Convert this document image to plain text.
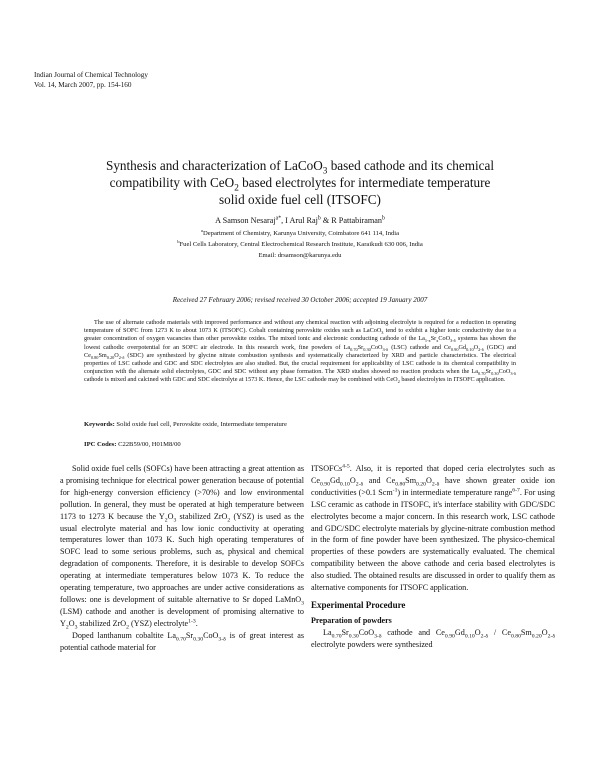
Indian Journal of Chemical Technology
Vol. 14, March 2007, pp. 154-160
Synthesis and characterization of LaCoO$_3$ based cathode and its chemical
compatibility with CeO$_2$ based electrolytes for intermediate temperature
solid oxide fuel cell (ITSOFC)
A Samson Nesaraj$^{a*}$, I Arul Raj$^b$ & R Pattabiraman$^b$
$^a$Department of Chemistry, Karunya University, Coimbatore 641 114, India
$^b$Fuel Cells Laboratory, Central Electrochemical Research Institute, Karaikudi 630 006, India
Email: drsamson@karunya.edu
Received 27 February 2006; revised received 30 October 2006; accepted 19 January 2007
The use of alternate cathode materials with improved performance and without any chemical reaction with adjoining electrolyte is required for a reduction in operating temperature of SOFC from 1273 K to about 1073 K (ITSOFC). Cobalt containing perovskite oxides such as LaCoO$_3$ tend to exhibit a higher ionic conductivity due to a greater concentration of oxygen vacancies than other perovskite oxides. The mixed ionic and electronic conducting cathode of the $La_{1-x}Sr_xCoO_{3-\delta}$ systems has shown the lowest cathodic overpotential for an SOFC air electrode. In this research work, fine powders of $La_{0.70}Sr_{0.30}CoO_{3-\delta}$ (LSC) cathode and $Ce_{0.90}Gd_{0.10}O_{2-\delta}$ (GDC) and $Ce_{0.80}Sm_{0.20}O_{2-\delta}$ (SDC) are synthesized by glycine nitrate combustion synthesis and systematically characterized by XRD and particle characteristics. The electrical properties of LSC cathode and GDC and SDC electrolytes are also studied. But, the crucial requirement for applicability of LSC cathode is its chemical compatibility in conjunction with the alternate solid electrolytes, GDC and SDC without any phase formation. The XRD studies showed no reaction products when the $La_{0.70}Sr_{0.30}CoO_{3-\delta}$ cathode is mixed and calcined with GDC and SDC electrolyte at 1573 K. Hence, the LSC cathode may be combined with CeO$_2$ based electrolytes in ITSOFC application.
Keywords: Solid oxide fuel cell, Perovskite oxide, Intermediate temperature
IPC Codes: C22B59/00, H01M8/00

Solid oxide fuel cells (SOFCs) have been attracting a great attention as a promising technique for electrical power generation because of potential for high-energy conversion efficiency (>70%) and low environmental pollution. In general, they must be operated at high temperature between 1173 to 1273 K because the $Y_2O_3$ stabilized ZrO$_2$ (YSZ) is used as the usual electrolyte material and has low ionic conductivity at operating temperatures lower than 1073 K. Such high operating temperatures of SOFC lead to some serious problems, such as, physical and chemical degradation of components. Therefore, it is desirable to develop SOFCs operating at intermediate temperatures below 1073 K. To reduce the operating temperature, two approaches are under active considerations as follows: one is development of suitable alternative to Sr doped LaMnO$_3$ (LSM) cathode and another is development of promising alternative to $Y_2O_3$ stabilized ZrO$_2$ (YSZ) electrolyte$^{1-3}$.

Doped lanthanum cobaltite $La_{0.70}Sr_{0.30}CoO_{3-\delta}$ is of great interest as potential cathode material for

ITSOFCs$^{4-5}$. Also, it is reported that doped ceria electrolytes such as $Ce_{0.90}Gd_{0.10}O_{2-\delta}$ and $Ce_{0.80}Sm_{0.20}O_{2-\delta}$ have shown greater oxide ion conductivities (>0.1 Scm$^{-1}$) in intermediate temperature range$^{6-7}$. For using LSC ceramic as cathode in ITSOFC, it's interface stability with GDC/SDC electrolytes become a major concern. In this research work, LSC cathode and GDC/SDC electrolyte materials by glycine-nitrate combustion method in the form of fine powder have been synthesized. The physico-chemical properties of these powders are systematically evaluated. The chemical compatibility between the above cathode and ceria based electrolytes is also studied. The obtained results are discussed in order to qualify them as alternative components for ITSOFC application.

Experimental Procedure
Preparation of powders

$La_{0.70}Sr_{0.30}CoO_{3-\delta}$ cathode and $Ce_{0.90}Gd_{0.10}O_{2-\delta} / Ce_{0.80}Sm_{0.20}O_{2-\delta}$ electrolyte powders were synthesized
